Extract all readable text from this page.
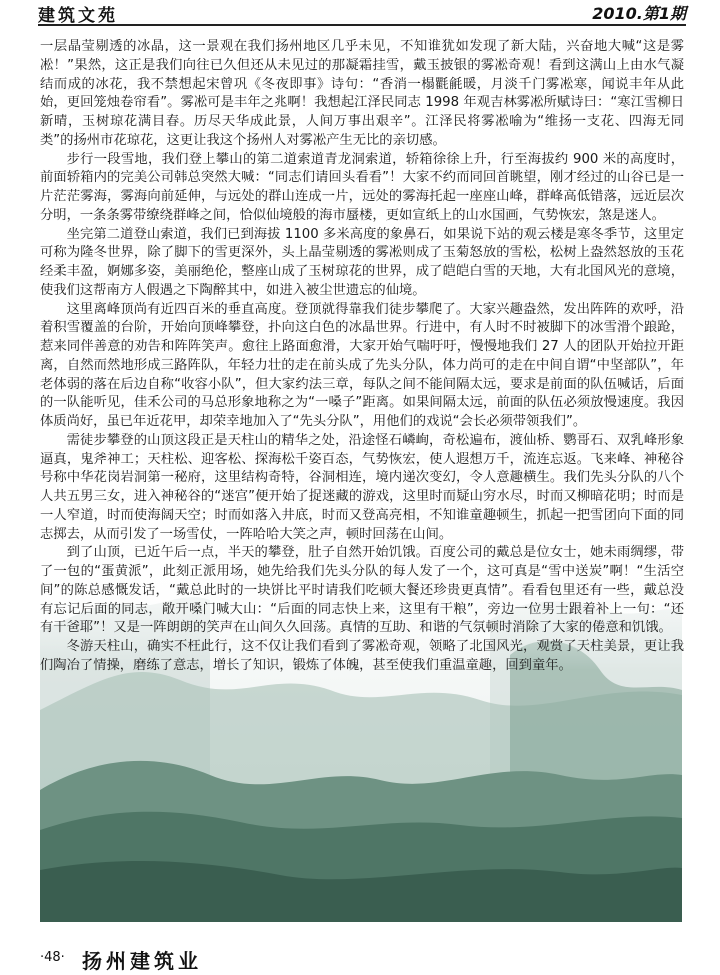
建筑文苑	2010.第1期

一层晶莹剔透的冰晶，这一景观在我们扬州地区几乎未见，不知谁犹如发现了新大陆，兴奋地大喊“这是雾凇！”果然，这正是我们向往已久但还从未见过的那凝霜挂雪，戴玉披银的雾凇奇观！看到这满山上由水气凝结而成的冰花，我不禁想起宋曾巩《冬夜即事》诗句：“香消一榻氍毹暖，月淡千门雾凇寒，闻说丰年从此始，更回笼烛卷帘看”。雾凇可是丰年之兆啊！我想起江泽民同志 1998 年观吉林雾凇所赋诗曰：“寒江雪柳日新晴，玉树琼花满目春。历尽天华成此景，人间万事出艰辛”。江泽民将雾凇喻为“维扬一支花、四海无同类”的扬州市花琼花，这更让我这个扬州人对雾凇产生无比的亲切感。

步行一段雪地，我们登上攀山的第二道索道青龙洞索道，轿箱徐徐上升，行至海拔约 900 米的高度时，前面轿箱内的完美公司韩总突然大喊：“同志们请回头看看”！大家不约而同回首眺望，刚才经过的山谷已是一片茫茫雾海，雾海向前延伸，与远处的群山连成一片，远处的雾海托起一座座山峰，群峰高低错落，远近层次分明，一条条雾带缭绕群峰之间，恰似仙境般的海市蜃楼，更如宣纸上的山水国画，气势恢宏，煞是迷人。

坐完第二道登山索道，我们已到海拔 1100 多米高度的象鼻石，如果说下站的观云楼是寒冬季节，这里定可称为隆冬世界，除了脚下的雪更深外，头上晶莹剔透的雾凇则成了玉菊怒放的雪松，松树上盎然怒放的玉花经柔丰盈，婀娜多姿，美丽绝伦，整座山成了玉树琼花的世界，成了皑皑白雪的天地，大有北国风光的意境，使我们这帮南方人假遇之下陶醉其中，如进入被尘世遗忘的仙境。

这里离峰顶尚有近四百米的垂直高度。登顶就得靠我们徒步攀爬了。大家兴趣盎然，发出阵阵的欢呼，沿着积雪覆盖的台阶，开始向顶峰攀登，扑向这白色的冰晶世界。行进中，有人时不时被脚下的冰雪滑个踉跄，惹来同伴善意的劝告和阵阵笑声。愈往上路面愈滑，大家开始气喘吁吁，慢慢地我们 27 人的团队开始拉开距离，自然而然地形成三路阵队，年轻力壮的走在前头成了先头分队，体力尚可的走在中间自谓“中坚部队”，年老体弱的落在后边自称“收容小队”，但大家约法三章，每队之间不能间隔太远，要求是前面的队伍喊话，后面的一队能听见，佳禾公司的马总形象地称之为“一嗓子”距离。如果间隔太远，前面的队伍必须放慢速度。我因体质尚好，虽已年近花甲，却荣幸地加入了“先头分队”，用他们的戏说“会长必须带领我们”。

需徒步攀登的山顶这段正是天柱山的精华之处，沿途怪石嶙峋，奇松遍布，渡仙桥、鹦哥石、双乳峰形象逼真，鬼斧神工；天柱松、迎客松、探海松千姿百态，气势恢宏，使人遐想万千，流连忘返。飞来峰、神秘谷号称中华花岗岩洞第一秘府，这里结构奇特，谷洞相连，境内递次变幻，令人意趣横生。我们先头分队的八个人共五男三女，进入神秘谷的“迷宫”便开始了捉迷藏的游戏，这里时而疑山穷水尽，时而又柳暗花明；时而是一人窄道，时而使海阔天空；时而如落入井底，时而又登高亮相，不知谁童趣顿生，抓起一把雪团向下面的同志掷去，从而引发了一场雪仗，一阵哈哈大笑之声，顿时回荡在山间。

到了山顶，已近午后一点，半天的攀登，肚子自然开始饥饿。百度公司的戴总是位女士，她未雨绸缪，带了一包的“蛋黄派”，此刻正派用场，她先给我们先头分队的每人发了一个，这可真是“雪中送炭”啊！“生活空间”的陈总感慨发话，“戴总此时的一块饼比平时请我们吃顿大餐还珍贵更真情”。看看包里还有一些，戴总没有忘记后面的同志，敞开嗓门喊大山：“后面的同志快上来，这里有干粮”，旁边一位男士跟着补上一句：“还有干爸耶”！又是一阵朗朗的笑声在山间久久回荡。真情的互助、和谐的气氛顿时消除了大家的倦意和饥饿。

冬游天柱山，确实不枉此行，这不仅让我们看到了雾凇奇观，领略了北国风光，观赏了天柱美景，更让我们陶冶了情操，磨练了意志，增长了知识，锻炼了体魄，甚至使我们重温童趣，回到童年。

·48· 扬州建筑业
